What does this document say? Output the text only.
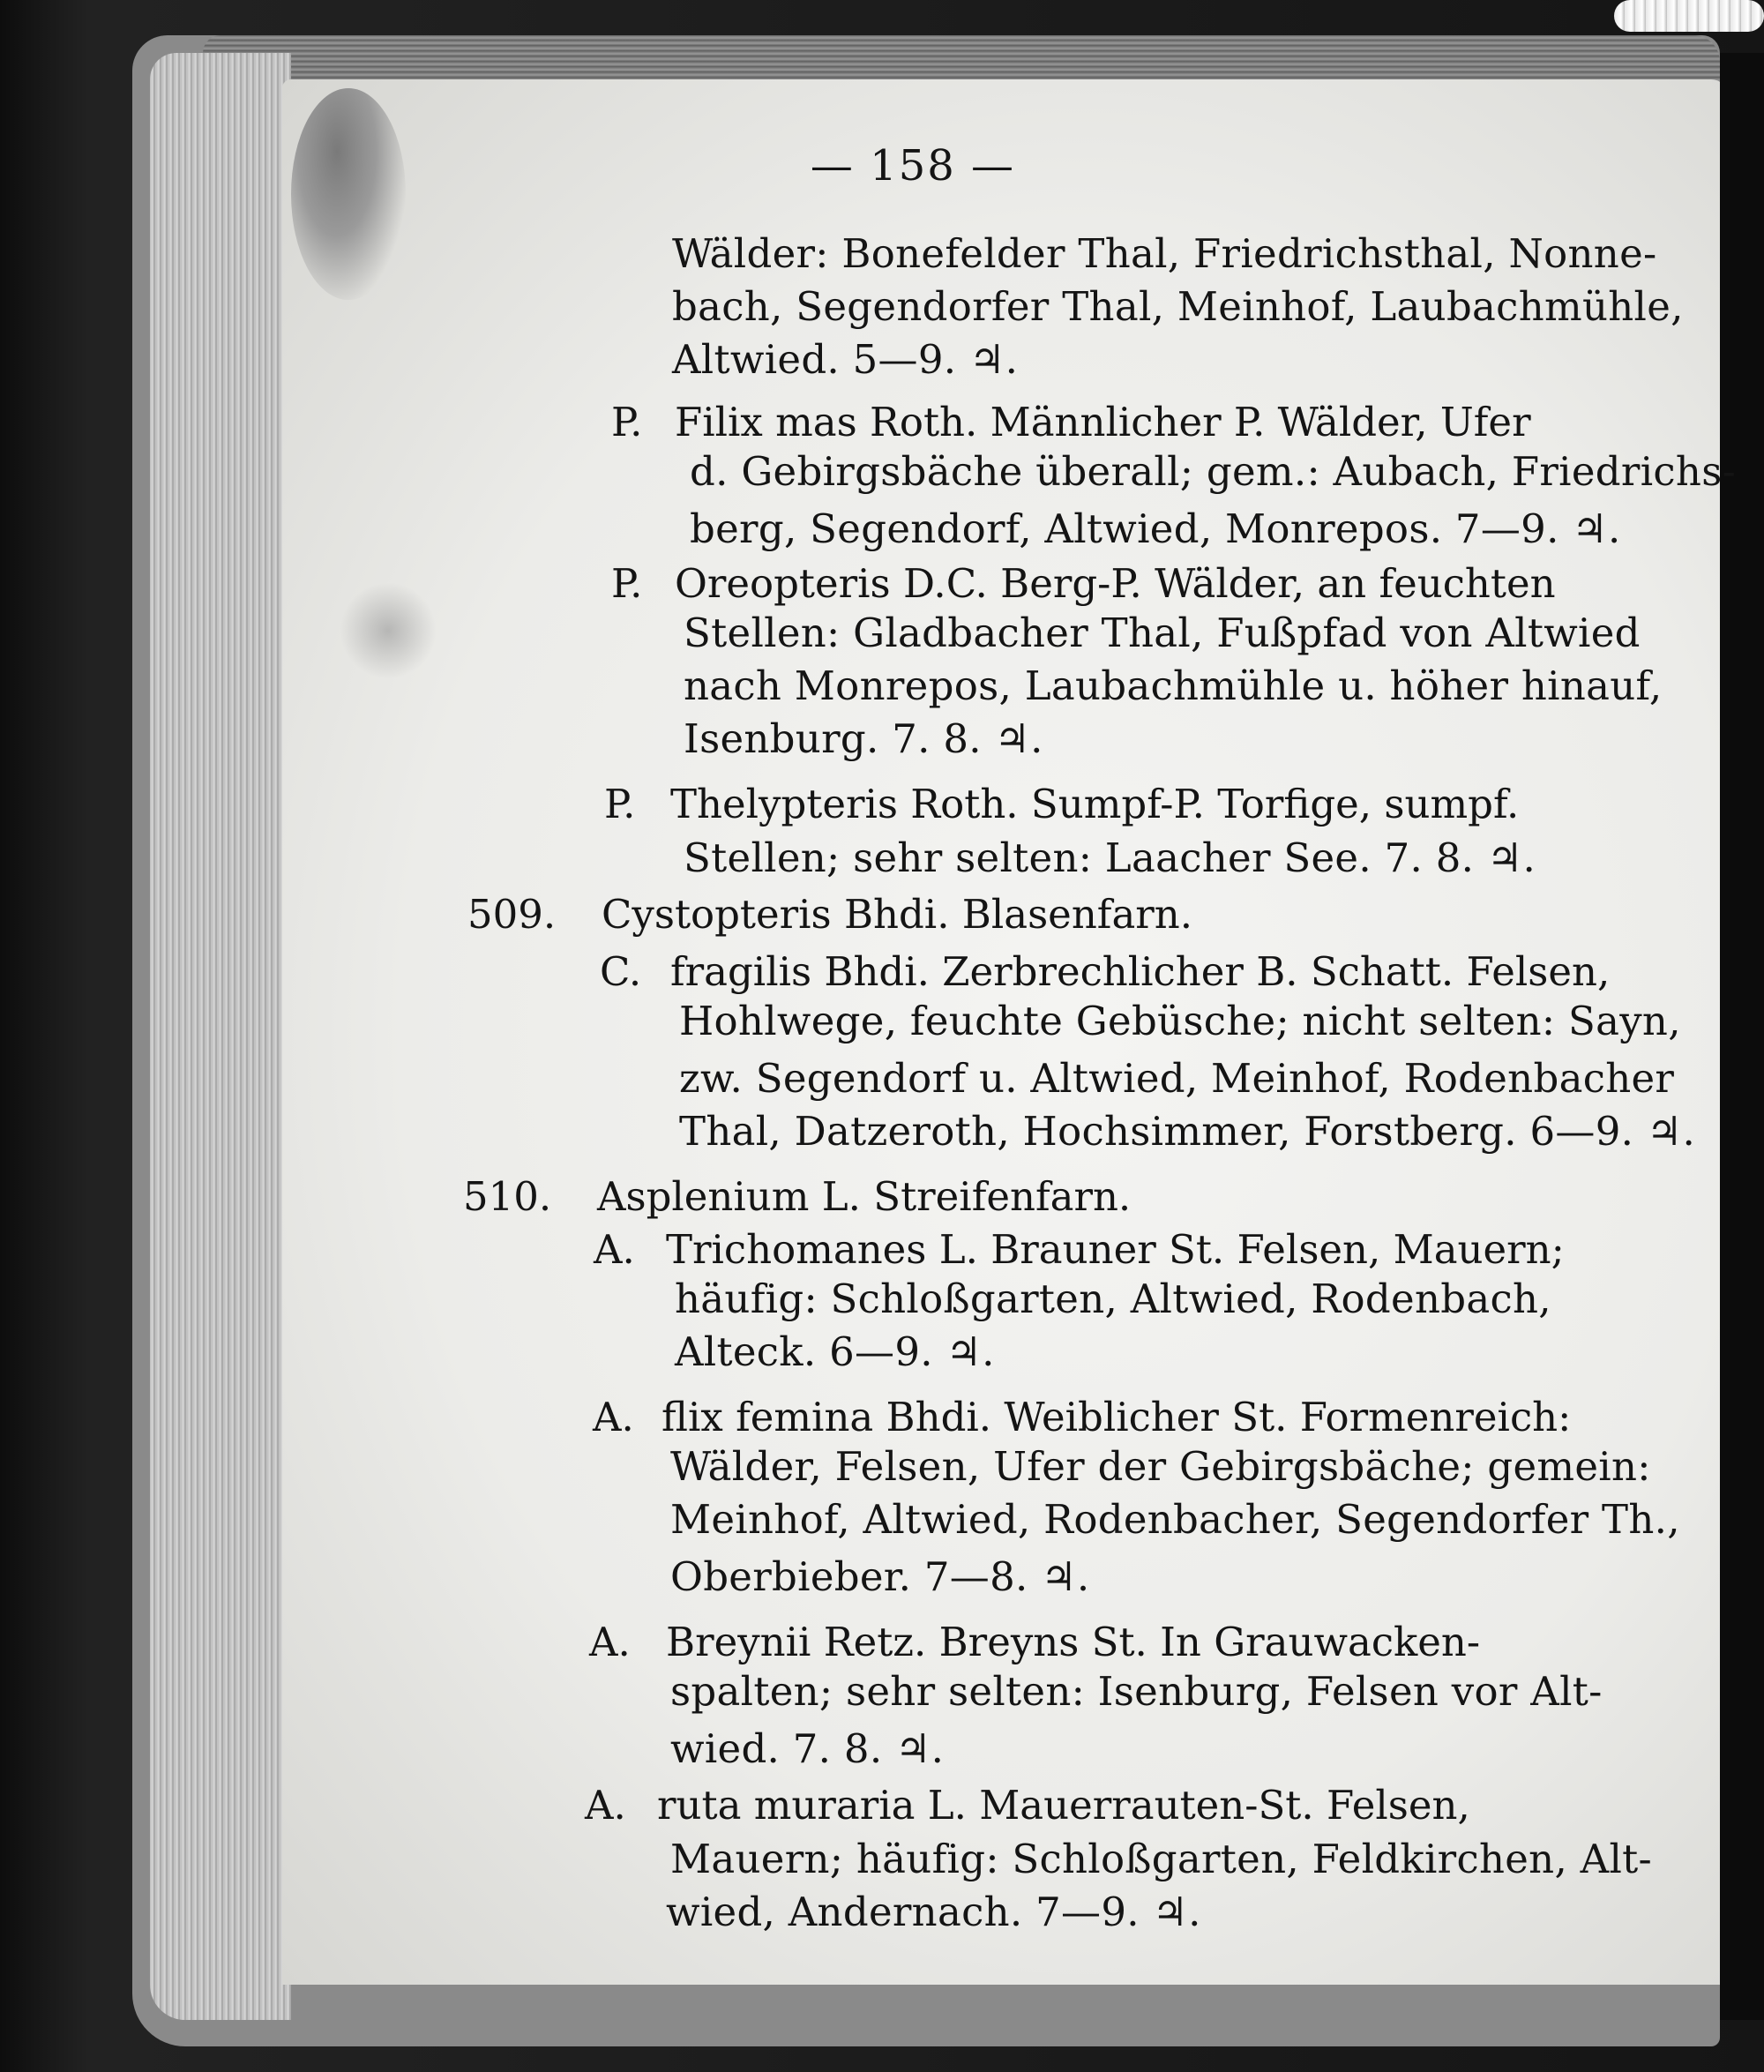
— 158 —
Wälder: Bonefelder Thal, Friedrichsthal, Nonne-
bach, Segendorfer Thal, Meinhof, Laubachmühle,
Altwied. 5—9. ♃.
P. Filix mas Roth. Männlicher P. Wälder, Ufer
d. Gebirgsbäche überall; gem.: Aubach, Friedrichs-
berg, Segendorf, Altwied, Monrepos. 7—9. ♃.
P. Oreopteris D.C. Berg-P. Wälder, an feuchten
Stellen: Gladbacher Thal, Fußpfad von Altwied
nach Monrepos, Laubachmühle u. höher hinauf,
Isenburg. 7. 8. ♃.
P. Thelypteris Roth. Sumpf-P. Torfige, sumpf.
Stellen; sehr selten: Laacher See. 7. 8. ♃.
509. Cystopteris Bhdi. Blasenfarn.
C. fragilis Bhdi. Zerbrechlicher B. Schatt. Felsen,
Hohlwege, feuchte Gebüsche; nicht selten: Sayn,
zw. Segendorf u. Altwied, Meinhof, Rodenbacher
Thal, Datzeroth, Hochsimmer, Forstberg. 6—9. ♃.
510. Asplenium L. Streifenfarn.
A. Trichomanes L. Brauner St. Felsen, Mauern;
häufig: Schloßgarten, Altwied, Rodenbach,
Alteck. 6—9. ♃.
A. flix femina Bhdi. Weiblicher St. Formenreich:
Wälder, Felsen, Ufer der Gebirgsbäche; gemein:
Meinhof, Altwied, Rodenbacher, Segendorfer Th.,
Oberbieber. 7—8. ♃.
A. Breynii Retz. Breyns St. In Grauwacken-
spalten; sehr selten: Isenburg, Felsen vor Alt-
wied. 7. 8. ♃.
A. ruta muraria L. Mauerrauten-St. Felsen,
Mauern; häufig: Schloßgarten, Feldkirchen, Alt-
wied, Andernach. 7—9. ♃.
